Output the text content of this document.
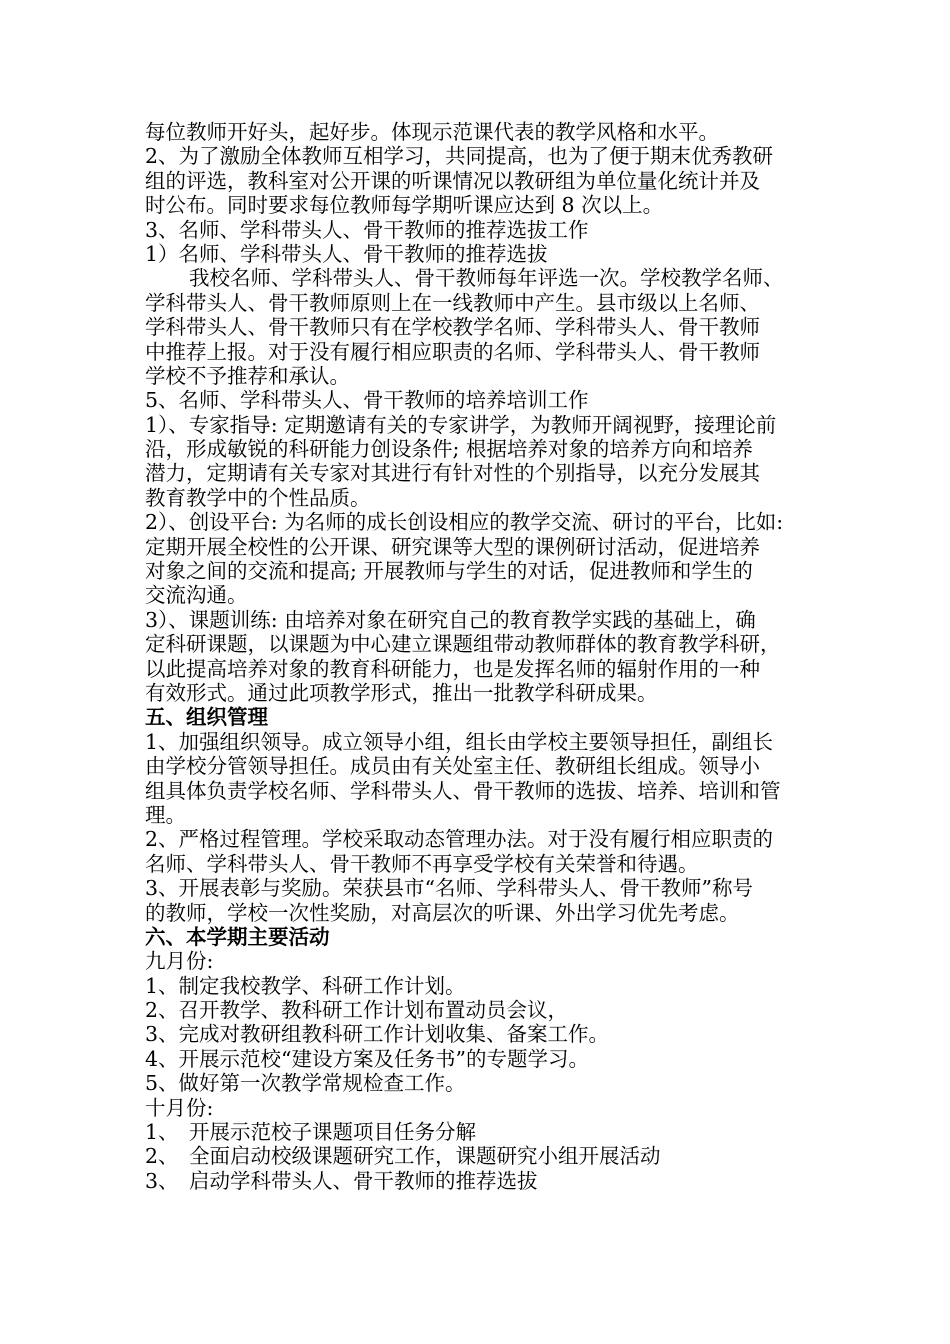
每位教师开好头，起好步。体现示范课代表的教学风格和水平。
2、为了激励全体教师互相学习，共同提高，也为了便于期末优秀教研
组的评选，教科室对公开课的听课情况以教研组为单位量化统计并及
时公布。同时要求每位教师每学期听课应达到 8 次以上。
3、名师、学科带头人、骨干教师的推荐选拔工作
1）名师、学科带头人、骨干教师的推荐选拔
我校名师、学科带头人、骨干教师每年评选一次。学校教学名师、
学科带头人、骨干教师原则上在一线教师中产生。县市级以上名师、
学科带头人、骨干教师只有在学校教学名师、学科带头人、骨干教师
中推荐上报。对于没有履行相应职责的名师、学科带头人、骨干教师
学校不予推荐和承认。
5、名师、学科带头人、骨干教师的培养培训工作
1）、专家指导: 定期邀请有关的专家讲学，为教师开阔视野，接理论前
沿，形成敏锐的科研能力创设条件; 根据培养对象的培养方向和培养
潜力，定期请有关专家对其进行有针对性的个别指导，以充分发展其
教育教学中的个性品质。
2）、创设平台: 为名师的成长创设相应的教学交流、研讨的平台，比如:
定期开展全校性的公开课、研究课等大型的课例研讨活动，促进培养
对象之间的交流和提高; 开展教师与学生的对话，促进教师和学生的
交流沟通。
3）、课题训练: 由培养对象在研究自己的教育教学实践的基础上，确
定科研课题，以课题为中心建立课题组带动教师群体的教育教学科研，
以此提高培养对象的教育科研能力，也是发挥名师的辐射作用的一种
有效形式。通过此项教学形式，推出一批教学科研成果。
五、组织管理
1、加强组织领导。成立领导小组，组长由学校主要领导担任，副组长
由学校分管领导担任。成员由有关处室主任、教研组长组成。领导小
组具体负责学校名师、学科带头人、骨干教师的选拔、培养、培训和管
理。
2、严格过程管理。学校采取动态管理办法。对于没有履行相应职责的
名师、学科带头人、骨干教师不再享受学校有关荣誉和待遇。
3、开展表彰与奖励。荣获县市“名师、学科带头人、骨干教师”称号
的教师，学校一次性奖励，对高层次的听课、外出学习优先考虑。
六、本学期主要活动
九月份:
1、制定我校教学、科研工作计划。
2、召开教学、教科研工作计划布置动员会议，
3、完成对教研组教科研工作计划收集、备案工作。
4、开展示范校“建设方案及任务书”的专题学习。
5、做好第一次教学常规检查工作。
十月份:
1、 开展示范校子课题项目任务分解
2、 全面启动校级课题研究工作，课题研究小组开展活动
3、 启动学科带头人、骨干教师的推荐选拔
